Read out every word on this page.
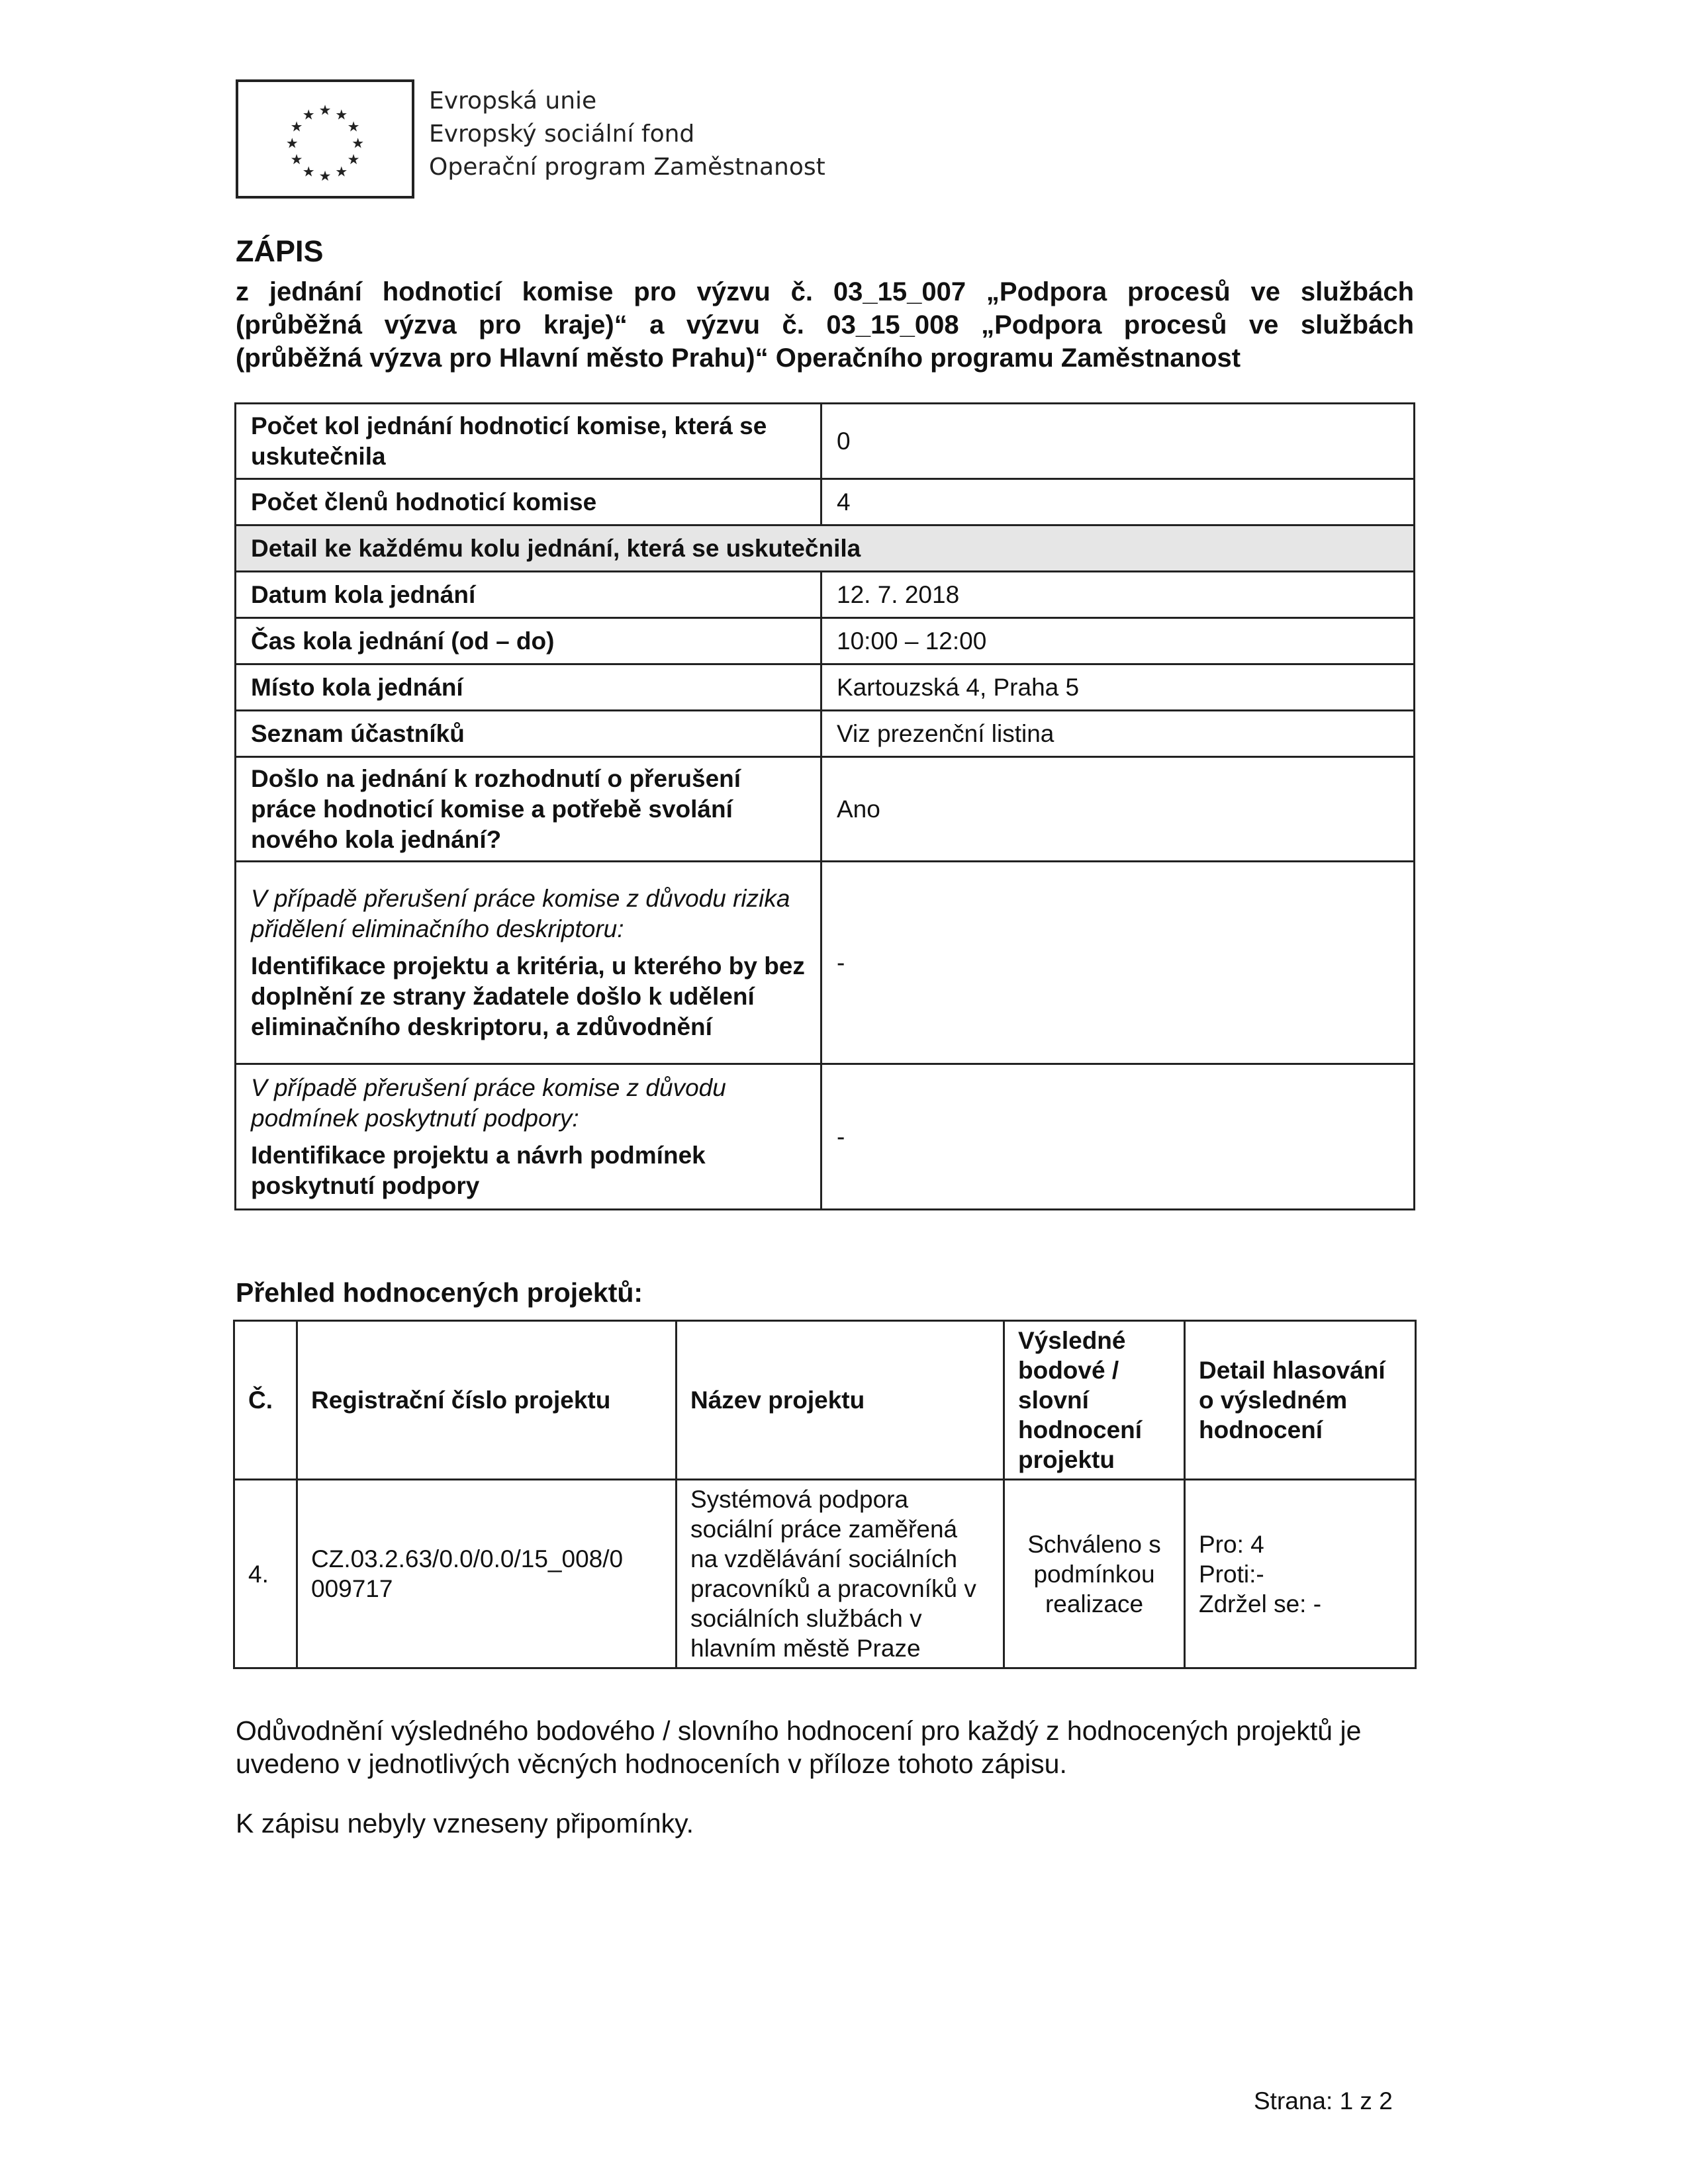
★ ★
★
★
★
★
★
★
★
★
★
★	Evropská unie
Evropský sociální fond
Operační program Zaměstnanost
ZÁPIS
z jednání hodnoticí komise pro výzvu č. 03_15_007 „Podpora procesů ve službách
(průběžná výzva pro kraje)“ a výzvu č. 03_15_008 „Podpora procesů ve službách
(průběžná výzva pro Hlavní město Prahu)“ Operačního programu Zaměstnanost
Počet kol jednání hodnoticí komise, která se uskutečnila	0
Počet členů hodnoticí komise	4
Detail ke každému kolu jednání, která se uskutečnila	
Datum kola jednání	12. 7. 2018
Čas kola jednání (od – do)	10:00 – 12:00
Místo kola jednání	Kartouzská 4, Praha 5
Seznam účastníků	Viz prezenční listina
Došlo na jednání k rozhodnutí o přerušení práce hodnoticí komise a potřebě svolání nového kola jednání?	Ano

V případě přerušení práce komise z důvodu rizika přidělení eliminačního deskriptoru:
Identifikace projektu a kritéria, u kterého by bez doplnění ze strany žadatele došlo k udělení eliminačního deskriptoru, a zdůvodnění	-

V případě přerušení práce komise z důvodu podmínek poskytnutí podpory:
Identifikace projektu a návrh podmínek poskytnutí podpory	-
Přehled hodnocených projektů:
Č.	Registrační číslo projektu	Název projektu	Výsledné bodové / slovní hodnocení projektu	Detail hlasování o výsledném hodnocení
4.	CZ.03.2.63/0.0/0.0/15_008/0 009717	Systémová podpora sociální práce zaměřená na vzdělávání sociálních pracovníků a pracovníků v sociálních službách v hlavním městě Praze	Schváleno s podmínkou realizace	Pro: 4
Proti:-
Zdržel se: -
Odůvodnění výsledného bodového / slovního hodnocení pro každý z hodnocených projektů je uvedeno v jednotlivých věcných hodnoceních v příloze tohoto zápisu.
K zápisu nebyly vzneseny připomínky.
Strana: 1 z 2
